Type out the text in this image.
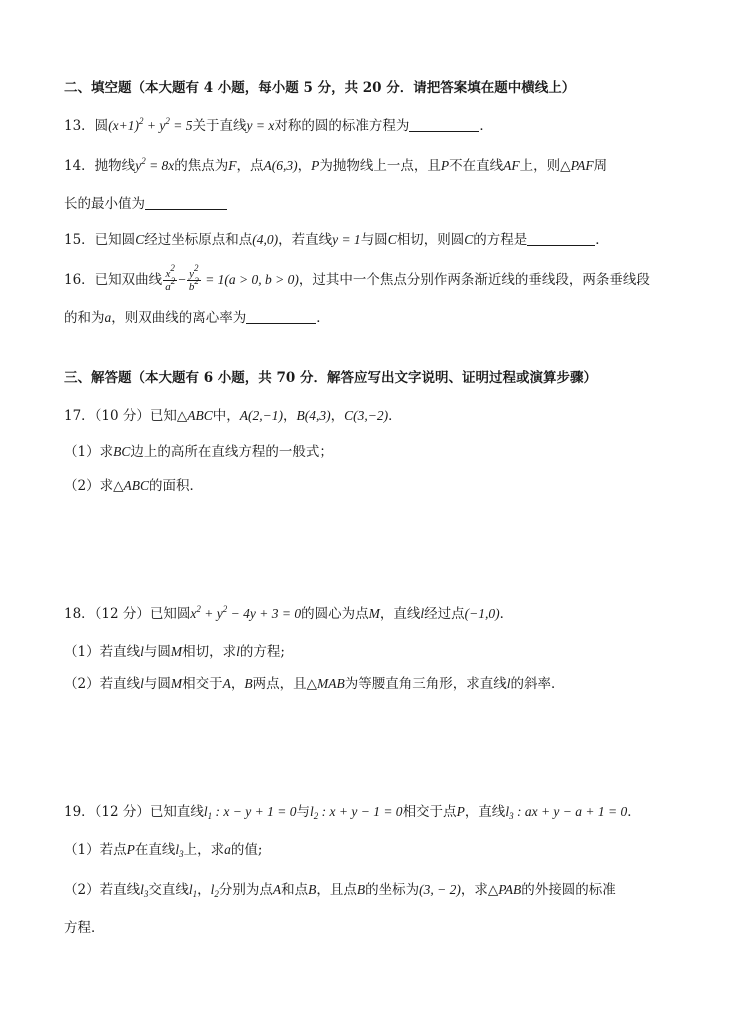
二、填空题（本大题有 4 小题，每小题 5 分，共 20 分．请把答案填在题中横线上）
13．圆$(x+1)^2 + y^2 = 5$关于直线y = x对称的圆的标准方程为	．
14．抛物线$y^2 = 8x$的焦点为F，点A(6,3)，P为抛物线上一点，且P不在直线AF上，则△PAF周
长的最小值为
15．已知圆C经过坐标原点和点(4,0)，若直线y = 1与圆C相切，则圆C的方程是	．
16．已知双曲线 $\frac{x^2}{a^2} - \frac{y^2}{b^2} = 1(a > 0$, b > 0)，过其中一个焦点分别作两条渐近线的垂线段，两条垂线段
的和为a，则双曲线的离心率为	．
三、解答题（本大题有 6 小题，共 70 分．解答应写出文字说明、证明过程或演算步骤）
17．（10 分）已知△ABC中，A(2,−1)，B(4,3)，C(3,−2)．
（1）求BC边上的高所在直线方程的一般式；
（2）求△ABC的面积．
18．（12 分）已知圆$x^2 + y^2 - 4y + 3 = 0$的圆心为点M，直线l经过点(−1,0)．
（1）若直线l与圆M相切，求l的方程;
（2）若直线l与圆M相交于A，B两点，且△MAB为等腰直角三角形，求直线l的斜率．
19．（12 分）已知直线$l_1$ : x − y + 1 = 0与$l_2$ : x + y − 1 = 0相交于点P，直线$l_3$ : ax + y − a + 1 = 0．
（1）若点P在直线$l_3$上，求a的值;
（2）若直线$l_3$交直线$l_1$，$l_2$分别为点A和点B，且点B的坐标为(3, − 2)，求△PAB的外接圆的标准
方程．
